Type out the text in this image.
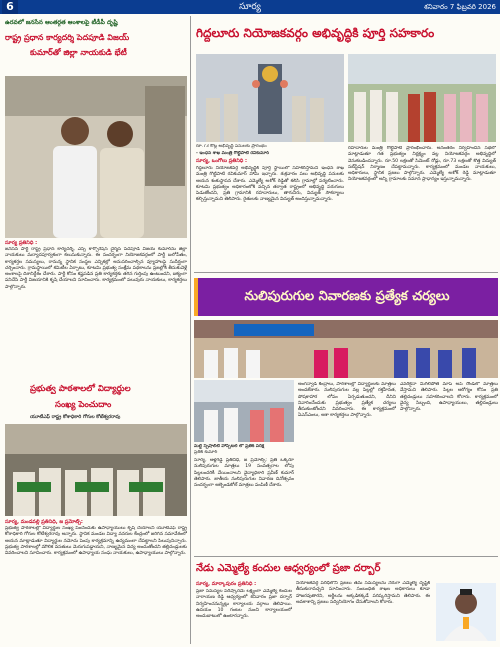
6	సూర్య	శనివారం 7 ఫిబ్రవరి 2026
ఉరవలో జనసేన ఆంతర్గత ఆంశాలపై టీడీపీ దృష్టి
రాష్ట్ర ప్రధాన కార్యదర్శి పెదపూడి విజయ్
కుమార్‌తో జిల్లా నాయకుడి భేటీ
సూర్య ప్రతినిధి :
జనసేన పార్టీ రాష్ట్ర ప్రధాన కార్యదర్శి, ఎస్సీ కార్పొరేషన్ చైర్మన్ పెదపూడి విజయ్ కుమార్‌ను జిల్లా నాయకులు మర్యాదపూర్వకంగా కలుసుకున్నారు. ఈ సందర్భంగా నియోజకవర్గంలో పార్టీ బలోపేతం, కార్యకర్తల సమస్యలు, రానున్న స్థానిక సంస్థల ఎన్నికల్లో అనుసరించాల్సిన వ్యూహాలపై సుదీర్ఘంగా చర్చించారు. గ్రామస్థాయిలో కమిటీల ఏర్పాటు, కూటమి ప్రభుత్వ సంక్షేమ పథకాలను ప్రజల్లోకి తీసుకువెళ్లే అంశాలపై దిశానిర్దేశం చేశారు. పార్టీ కోసం కష్టపడిన ప్రతి కార్యకర్తకు తగిన గుర్తింపు ఉంటుందని, ఐక్యంగా పనిచేసి పార్టీ విజయానికి కృషి చేయాలని సూచించారు. కార్యక్రమంలో పలువురు నాయకులు, కార్యకర్తలు పాల్గొన్నారు.
ప్రభుత్వ పాఠశాలలో విద్యార్థుల
సంఖ్య పెంచుదాం
యూటీఎఫ్ రాష్ట్ర కోశాధికారి గోగుల కోటేశ్వరరావు
సూర్య, మండవల్లి ప్రతినిధి, జ ప్రమోట్స్:
ప్రభుత్వ పాఠశాలల్లో విద్యార్థుల సంఖ్య పెంచేందుకు ఉపాధ్యాయులు కృషి చేయాలని యూటీఎఫ్ రాష్ట్ర కోశాధికారి గోగుల కోటేశ్వరరావు అన్నారు. స్థానిక మండల విద్యా వనరుల కేంద్రంలో జరిగిన సమావేశంలో ఆయన మాట్లాడుతూ విద్యార్థుల నమోదు పెంపు కార్యక్రమాన్ని ఉద్యమంలా చేపట్టాలని పిలుపునిచ్చారు. ప్రభుత్వ పాఠశాలల్లో మౌలిక వసతులు మెరుగుపడ్డాయని, నాణ్యమైన విద్య అందుతోందని తల్లిదండ్రులకు వివరించాలని సూచించారు. కార్యక్రమంలో ఉపాధ్యాయ సంఘ నాయకులు, ఉపాధ్యాయులు పాల్గొన్నారు.
గిద్దలూరు నియోజకవర్గం అభివృద్ధికి పూర్తి సహకారం
రూ.73 కోట్ల అభివృద్ధి పనులకు ప్రారంభం
- ఇంధన శాఖ మంత్రి గొట్టిపాటి రవికుమార్
సూర్య, ఒంగోలు ప్రతినిధి :
గిద్దలూరు నియోజకవర్గ అభివృద్ధికి పూర్తి స్థాయిలో సహకరిస్తామని ఇంధన శాఖ మంత్రి గొట్టిపాటి రవికుమార్ హామీ ఇచ్చారు. శుక్రవారం పలు అభివృద్ధి పనులకు ఆయన శంకుస్థాపన చేశారు. ఎమ్మెల్యే అశోక్ రెడ్డితో కలిసి గ్రామాల్లో పర్యటించారు. కూటమి ప్రభుత్వం అధికారంలోకి వచ్చిన తర్వాత రాష్ట్రంలో అభివృద్ధి పరుగులు పెడుతోందని, ప్రతి గ్రామానికి రహదారులు, తాగునీరు, విద్యుత్ సౌకర్యాలు కల్పిస్తున్నామని తెలిపారు. రైతులకు నాణ్యమైన విద్యుత్ అందిస్తున్నామన్నారు.
రహదారుల మంత్రి గొట్టిపాటి ప్రారంభించారు. అనంతరం నిర్వహించిన సభలో మాట్లాడుతూ గత ప్రభుత్వం నిర్లక్ష్యం వల్ల నియోజకవర్గం అభివృద్ధిలో వెనుకబడిందన్నారు. రూ.50 లక్షలతో సిమెంట్ రోడ్లు, రూ.73 లక్షలతో కొత్త విద్యుత్ సబ్‌స్టేషన్ నిర్మాణం చేపట్టామన్నారు. కార్యక్రమంలో మండల నాయకులు, అధికారులు, స్థానిక ప్రజలు పాల్గొన్నారు. ఎమ్మెల్యే అశోక్ రెడ్డి మాట్లాడుతూ నియోజకవర్గంలో అన్ని గ్రామాలకు సమాన ప్రాధాన్యం ఇస్తున్నామన్నారు.
నులిపురుగుల నివారణకు ప్రత్యేక చర్యలు
మల్టీ స్పెషాలిటీ హాస్పిటల్ లో ప్రతీక్ పరీక్ష
ప్రతీక్ కుమార్
సూర్య, ఆళ్లగడ్డ ప్రతినిధి, జ ప్రమోట్స్: ప్రతి ఒక్కరూ నులిపురుగుల మాత్రలు 19 సంవత్సరాల లోపు పిల్లలందరికీ వేయించాలని వైద్యాధికారి ప్రవీణ్ కుమార్ తెలిపారు. జాతీయ నులిపురుగుల నివారణ దినోత్సవం సందర్భంగా ఆల్బెండజోల్ మాత్రలు పంపిణీ చేశారు.
అంగన్వాడీ కేంద్రాలు, పాఠశాలల్లో విద్యార్థులకు మాత్రలు అందజేశారు. నులిపురుగుల వల్ల పిల్లల్లో రక్తహీనత, పోషకాహార లోపం ఏర్పడుతుందని, దీనిని నివారించేందుకు ప్రభుత్వం ప్రత్యేక చర్యలు తీసుకుంటోందని వివరించారు. ఈ కార్యక్రమంలో ఏఎన్ఎంలు, ఆశా కార్యకర్తలు పాల్గొన్నారు.
ఎవరికైనా మిగిలిపోతే మాప్ అప్ రౌండ్‌లో మాత్రలు వేస్తామని తెలిపారు. పిల్లల ఆరోగ్యం కోసం ప్రతి తల్లిదండ్రులు సహకరించాలని కోరారు. కార్యక్రమంలో వైద్య సిబ్బంది, ఉపాధ్యాయులు, తల్లిదండ్రులు పాల్గొన్నారు.
నేడు ఎమ్మెల్యే కందుల ఆధ్వర్యంలో ప్రజా దర్బార్
సూర్య, మార్కాపురం ప్రతినిధి :
ప్రజా సమస్యల పరిష్కారమే లక్ష్యంగా ఎమ్మెల్యే కందుల నారాయణ రెడ్డి ఆధ్వర్యంలో శనివారం ప్రజా దర్బార్ నిర్వహించనున్నట్లు కార్యాలయ వర్గాలు తెలిపాయి. ఉదయం 10 గంటల నుంచి కార్యాలయంలో అందుబాటులో ఉంటారన్నారు.
నియోజకవర్గ పరిధిలోని ప్రజలు తమ సమస్యలను నేరుగా ఎమ్మెల్యే దృష్టికి తీసుకురావచ్చని సూచించారు. సంబంధిత శాఖల అధికారులు కూడా హాజరవుతారని, అర్జీలను అక్కడికక్కడే పరిష్కరిస్తామని తెలిపారు. ఈ అవకాశాన్ని ప్రజలు సద్వినియోగం చేసుకోవాలని కోరారు.
